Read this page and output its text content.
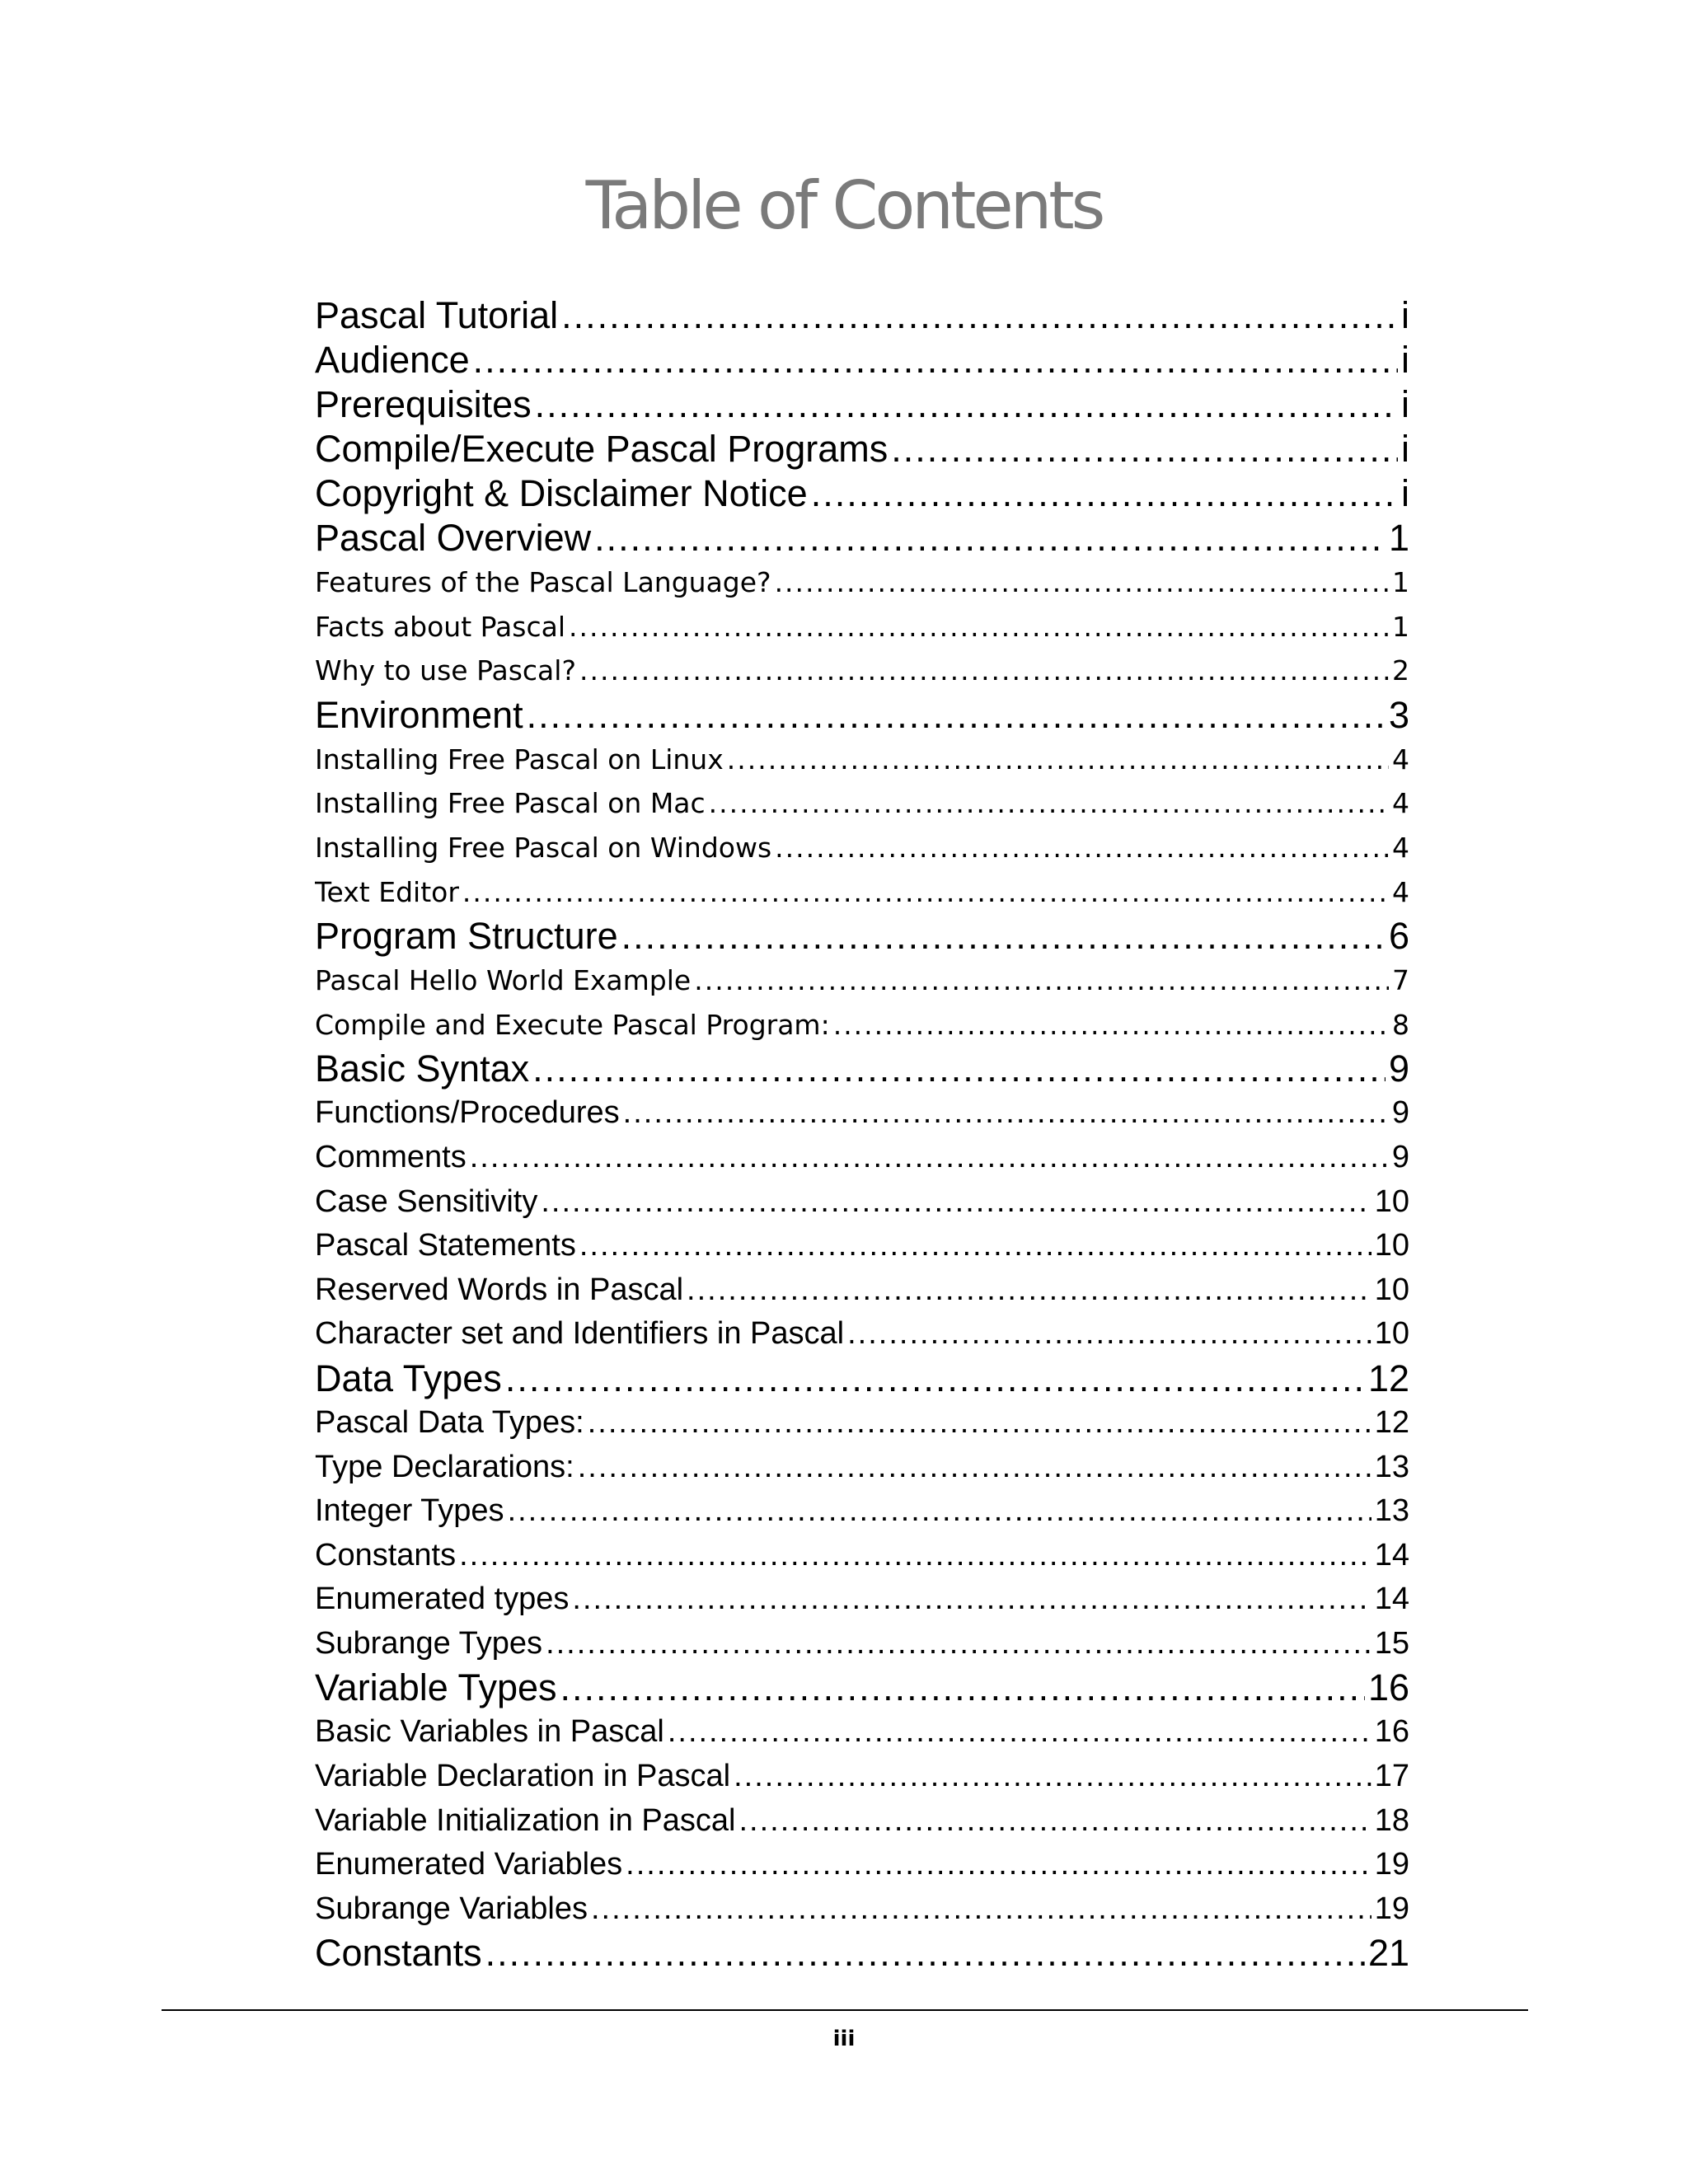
Table of Contents
Pascal Tutorial .....	i
Audience .....	i
Prerequisites .....	i
Compile/Execute Pascal Programs .....	i
Copyright & Disclaimer Notice .....	i
Pascal Overview .....	1
Features of the Pascal Language? .....	1
Facts about Pascal .....	1
Why to use Pascal? .....	2
Environment .....	3
Installing Free Pascal on Linux .....	4
Installing Free Pascal on Mac .....	4
Installing Free Pascal on Windows .....	4
Text Editor .....	4
Program Structure .....	6
Pascal Hello World Example .....	7
Compile and Execute Pascal Program: .....	8
Basic Syntax .....	9
Functions/Procedures .....	9
Comments .....	9
Case Sensitivity .....	10
Pascal Statements .....	10
Reserved Words in Pascal .....	10
Character set and Identifiers in Pascal .....	10
Data Types .....	12
Pascal Data Types: .....	12
Type Declarations: .....	13
Integer Types .....	13
Constants .....	14
Enumerated types .....	14
Subrange Types .....	15
Variable Types .....	16
Basic Variables in Pascal .....	16
Variable Declaration in Pascal .....	17
Variable Initialization in Pascal .....	18
Enumerated Variables .....	19
Subrange Variables .....	19
Constants .....	21
iii
